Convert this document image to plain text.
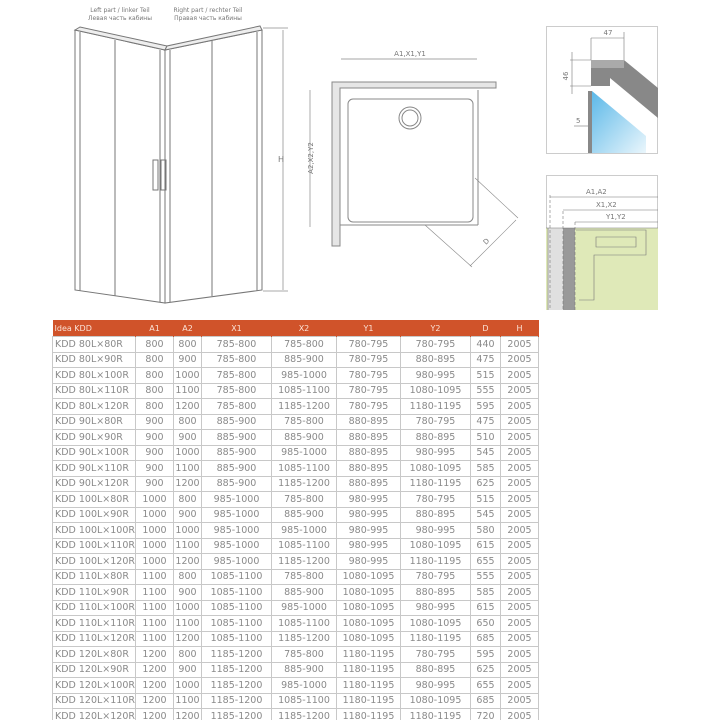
Left part / linker Teil
Левая часть кабины
Right part / rechter Teil
Правая часть кабины
H
A1,X1,Y1
A2,X2,Y2
D
47
46
5
A1,A2
X1,X2
Y1,Y2
Idea KDD	A1	A2	X1	X2	Y1	Y2	D	H
KDD 80L×80R	800	800	785-800	785-800	780-795	780-795	440	2005
KDD 80L×90R	800	900	785-800	885-900	780-795	880-895	475	2005
KDD 80L×100R	800	1000	785-800	985-1000	780-795	980-995	515	2005
KDD 80L×110R	800	1100	785-800	1085-1100	780-795	1080-1095	555	2005
KDD 80L×120R	800	1200	785-800	1185-1200	780-795	1180-1195	595	2005
KDD 90L×80R	900	800	885-900	785-800	880-895	780-795	475	2005
KDD 90L×90R	900	900	885-900	885-900	880-895	880-895	510	2005
KDD 90L×100R	900	1000	885-900	985-1000	880-895	980-995	545	2005
KDD 90L×110R	900	1100	885-900	1085-1100	880-895	1080-1095	585	2005
KDD 90L×120R	900	1200	885-900	1185-1200	880-895	1180-1195	625	2005
KDD 100L×80R	1000	800	985-1000	785-800	980-995	780-795	515	2005
KDD 100L×90R	1000	900	985-1000	885-900	980-995	880-895	545	2005
KDD 100L×100R	1000	1000	985-1000	985-1000	980-995	980-995	580	2005
KDD 100L×110R	1000	1100	985-1000	1085-1100	980-995	1080-1095	615	2005
KDD 100L×120R	1000	1200	985-1000	1185-1200	980-995	1180-1195	655	2005
KDD 110L×80R	1100	800	1085-1100	785-800	1080-1095	780-795	555	2005
KDD 110L×90R	1100	900	1085-1100	885-900	1080-1095	880-895	585	2005
KDD 110L×100R	1100	1000	1085-1100	985-1000	1080-1095	980-995	615	2005
KDD 110L×110R	1100	1100	1085-1100	1085-1100	1080-1095	1080-1095	650	2005
KDD 110L×120R	1100	1200	1085-1100	1185-1200	1080-1095	1180-1195	685	2005
KDD 120L×80R	1200	800	1185-1200	785-800	1180-1195	780-795	595	2005
KDD 120L×90R	1200	900	1185-1200	885-900	1180-1195	880-895	625	2005
KDD 120L×100R	1200	1000	1185-1200	985-1000	1180-1195	980-995	655	2005
KDD 120L×110R	1200	1100	1185-1200	1085-1100	1180-1195	1080-1095	685	2005
KDD 120L×120R	1200	1200	1185-1200	1185-1200	1180-1195	1180-1195	720	2005
